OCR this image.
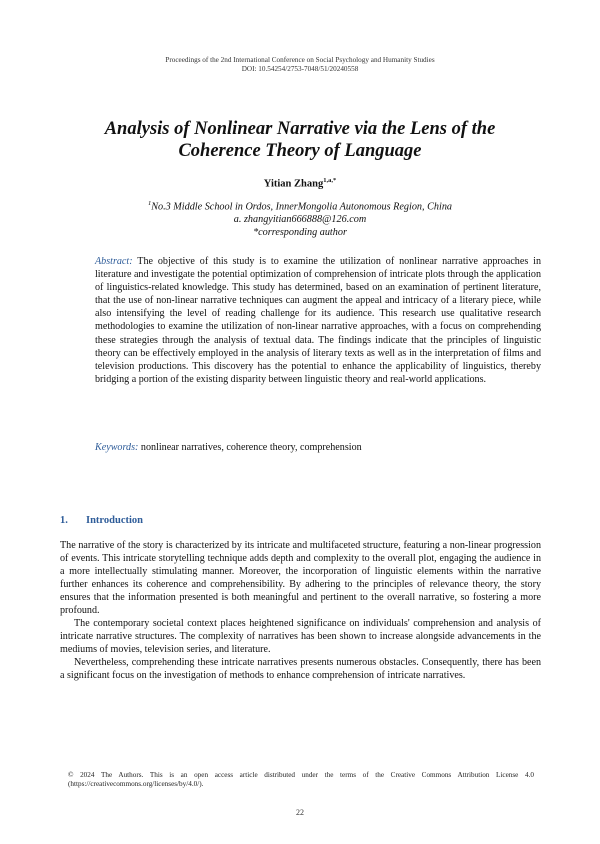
Proceedings of the 2nd International Conference on Social Psychology and Humanity Studies
DOI: 10.54254/2753-7048/51/20240558
Analysis of Nonlinear Narrative via the Lens of the
Coherence Theory of Language
Yitian Zhang$^{1,a,*}$
$^1$No.3 Middle School in Ordos, InnerMongolia Autonomous Region, China
a. zhangyitian666888@126.com
*corresponding author
Abstract: The objective of this study is to examine the utilization of nonlinear narrative approaches in literature and investigate the potential optimization of comprehension of intricate plots through the application of linguistics-related knowledge. This study has determined, based on an examination of pertinent literature, that the use of non-linear narrative techniques can augment the appeal and intricacy of a literary piece, while also intensifying the level of reading challenge for its audience. This research use qualitative research methodologies to examine the utilization of non-linear narrative approaches, with a focus on comprehending these strategies through the analysis of textual data. The findings indicate that the principles of linguistic theory can be effectively employed in the analysis of literary texts as well as in the interpretation of films and television productions. This discovery has the potential to enhance the applicability of linguistics, thereby bridging a portion of the existing disparity between linguistic theory and real-world applications.
Keywords: nonlinear narratives, coherence theory, comprehension
1. Introduction

The narrative of the story is characterized by its intricate and multifaceted structure, featuring a non-linear progression of events. This intricate storytelling technique adds depth and complexity to the overall plot, engaging the audience in a more intellectually stimulating manner. Moreover, the incorporation of linguistic elements within the narrative further enhances its coherence and comprehensibility. By adhering to the principles of relevance theory, the story ensures that the information presented is both meaningful and pertinent to the overall narrative, so fostering a more profound.

The contemporary societal context places heightened significance on individuals' comprehension and analysis of intricate narrative structures. The complexity of narratives has been shown to increase alongside advancements in the mediums of movies, television series, and literature.

Nevertheless, comprehending these intricate narratives presents numerous obstacles. Consequently, there has been a significant focus on the investigation of methods to enhance comprehension of intricate narratives.

© 2024 The Authors. This is an open access article distributed under the terms of the Creative Commons Attribution License 4.0 (https://creativecommons.org/licenses/by/4.0/).
22
